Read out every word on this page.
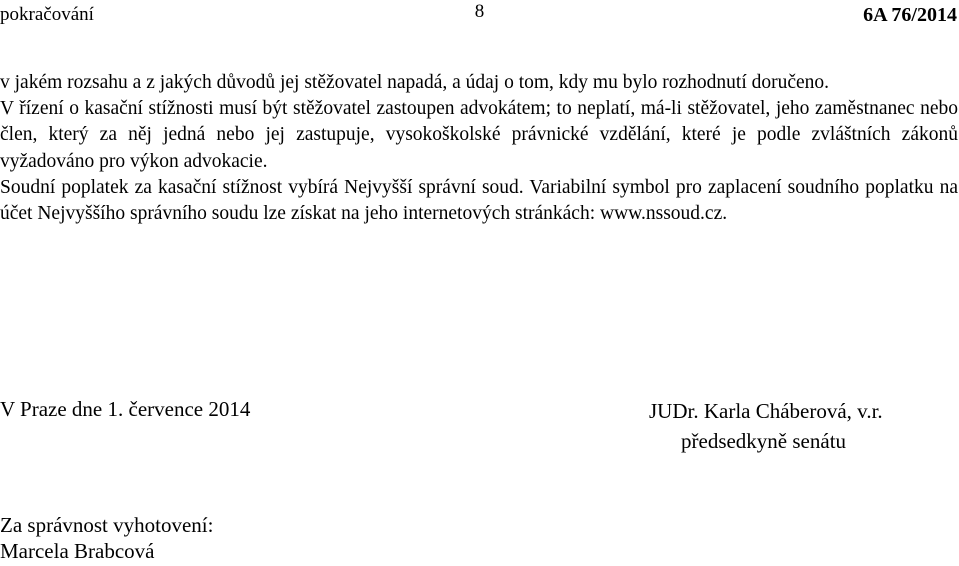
pokračování	8	6A 76/2014

v jakém rozsahu a z jakých důvodů jej stěžovatel napadá, a údaj o tom, kdy mu bylo rozhodnutí doručeno.

V řízení o kasační stížnosti musí být stěžovatel zastoupen advokátem; to neplatí, má-li stěžovatel, jeho zaměstnanec nebo člen, který za něj jedná nebo jej zastupuje, vysokoškolské právnické vzdělání, které je podle zvláštních zákonů vyžadováno pro výkon advokacie.

Soudní poplatek za kasační stížnost vybírá Nejvyšší správní soud. Variabilní symbol pro zaplacení soudního poplatku na účet Nejvyššího správního soudu lze získat na jeho internetových stránkách: www.nssoud.cz.

V Praze dne 1. července 2014	JUDr. Karla Cháberová, v.r.
předsedkyně senátu
Za správnost vyhotovení:
Marcela Brabcová
